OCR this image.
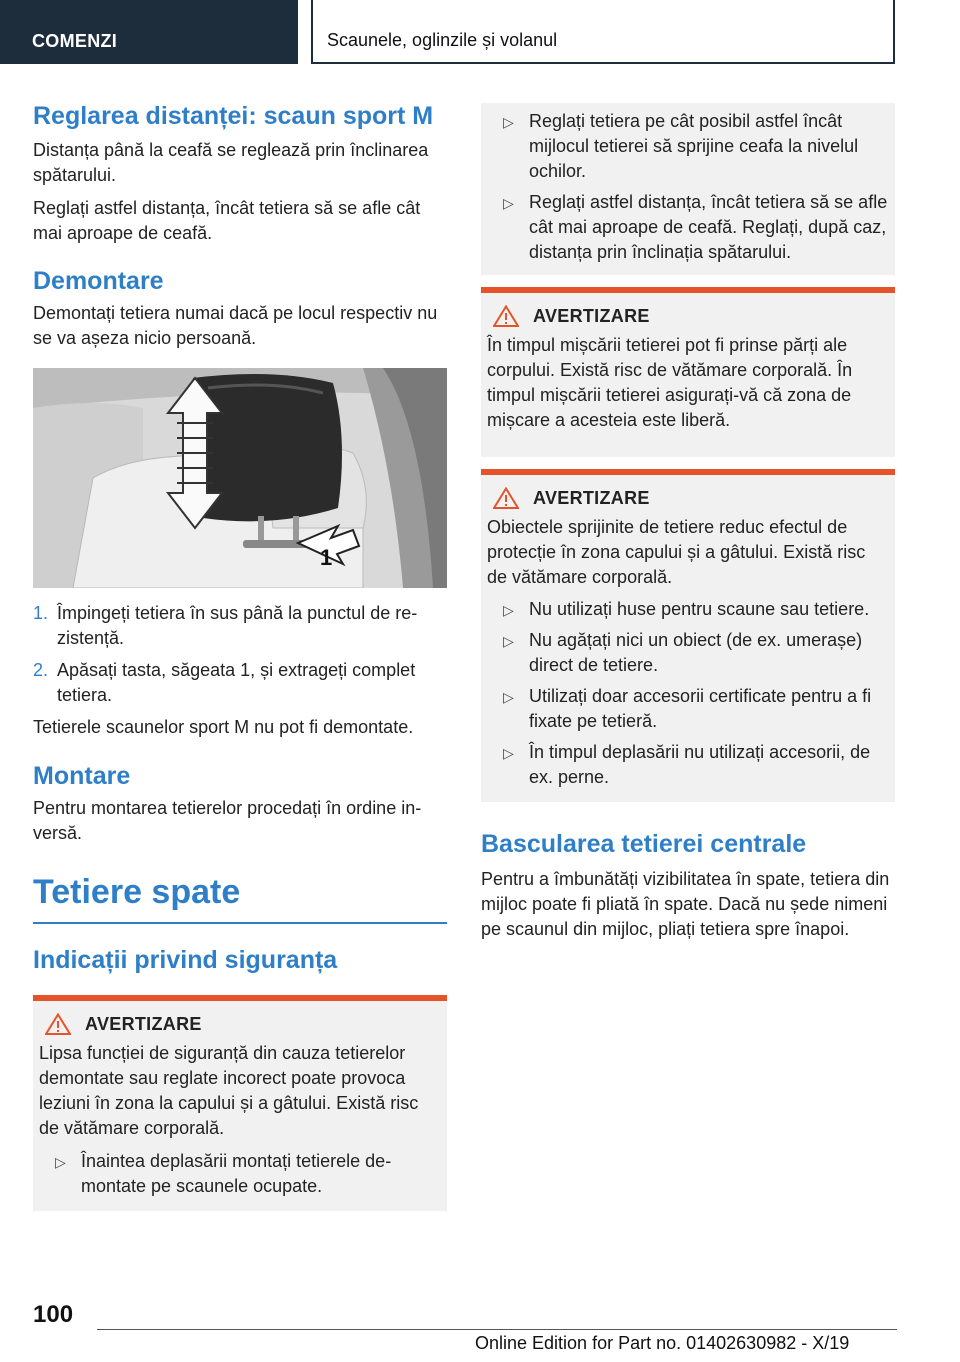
COMENZI	Scaunele, oglinzile și volanul
Reglarea distanței: scaun sport M

Distanța până la ceafă se reglează prin înclinarea spătarului.

Reglați astfel distanța, încât tetiera să se afle cât mai aproape de ceafă.

Demontare

Demontați tetiera numai dacă pe locul respectiv nu se va așeza nicio persoană.

1
1. Împingeți tetiera în sus până la punctul de rezistență.
2. Apăsați tasta, săgeata 1, și extrageți complet tetiera.

Tetierele scaunelor sport M nu pot fi demontate.

Montare

Pentru montarea tetierelor procedați în ordine inversă.

Tetiere spate
Indicații privind siguranța
AVERTIZARE

Lipsa funcției de siguranță din cauza tetierelor demontate sau reglate incorect poate provoca leziuni în zona la capului și a gâtului. Există risc de vătămare corporală.

▷ Înaintea deplasării montați tetierele demontate pe scaunele ocupate.
▷ Reglați tetiera pe cât posibil astfel încât mijlocul tetierei să sprijine ceafa la nivelul ochilor.
▷ Reglați astfel distanța, încât tetiera să se afle cât mai aproape de ceafă. Reglați, după caz, distanța prin înclinația spătarului.
AVERTIZARE

În timpul mișcării tetierei pot fi prinse părți ale corpului. Există risc de vătămare corporală. În timpul mișcării tetierei asigurați-vă că zona de mișcare a acesteia este liberă.

AVERTIZARE

Obiectele sprijinite de tetiere reduc efectul de protecție în zona capului și a gâtului. Există risc de vătămare corporală.

▷ Nu utilizați huse pentru scaune sau tetiere.
▷ Nu agățați nici un obiect (de ex. umerașe) direct de tetiere.
▷ Utilizați doar accesorii certificate pentru a fi fixate pe tetieră.
▷ În timpul deplasării nu utilizați accesorii, de ex. perne.
Bascularea tetierei centrale

Pentru a îmbunătăți vizibilitatea în spate, tetiera din mijloc poate fi pliată în spate. Dacă nu șede nimeni pe scaunul din mijloc, pliați tetiera spre înapoi.

100
Online Edition for Part no. 01402630982 - X/19
